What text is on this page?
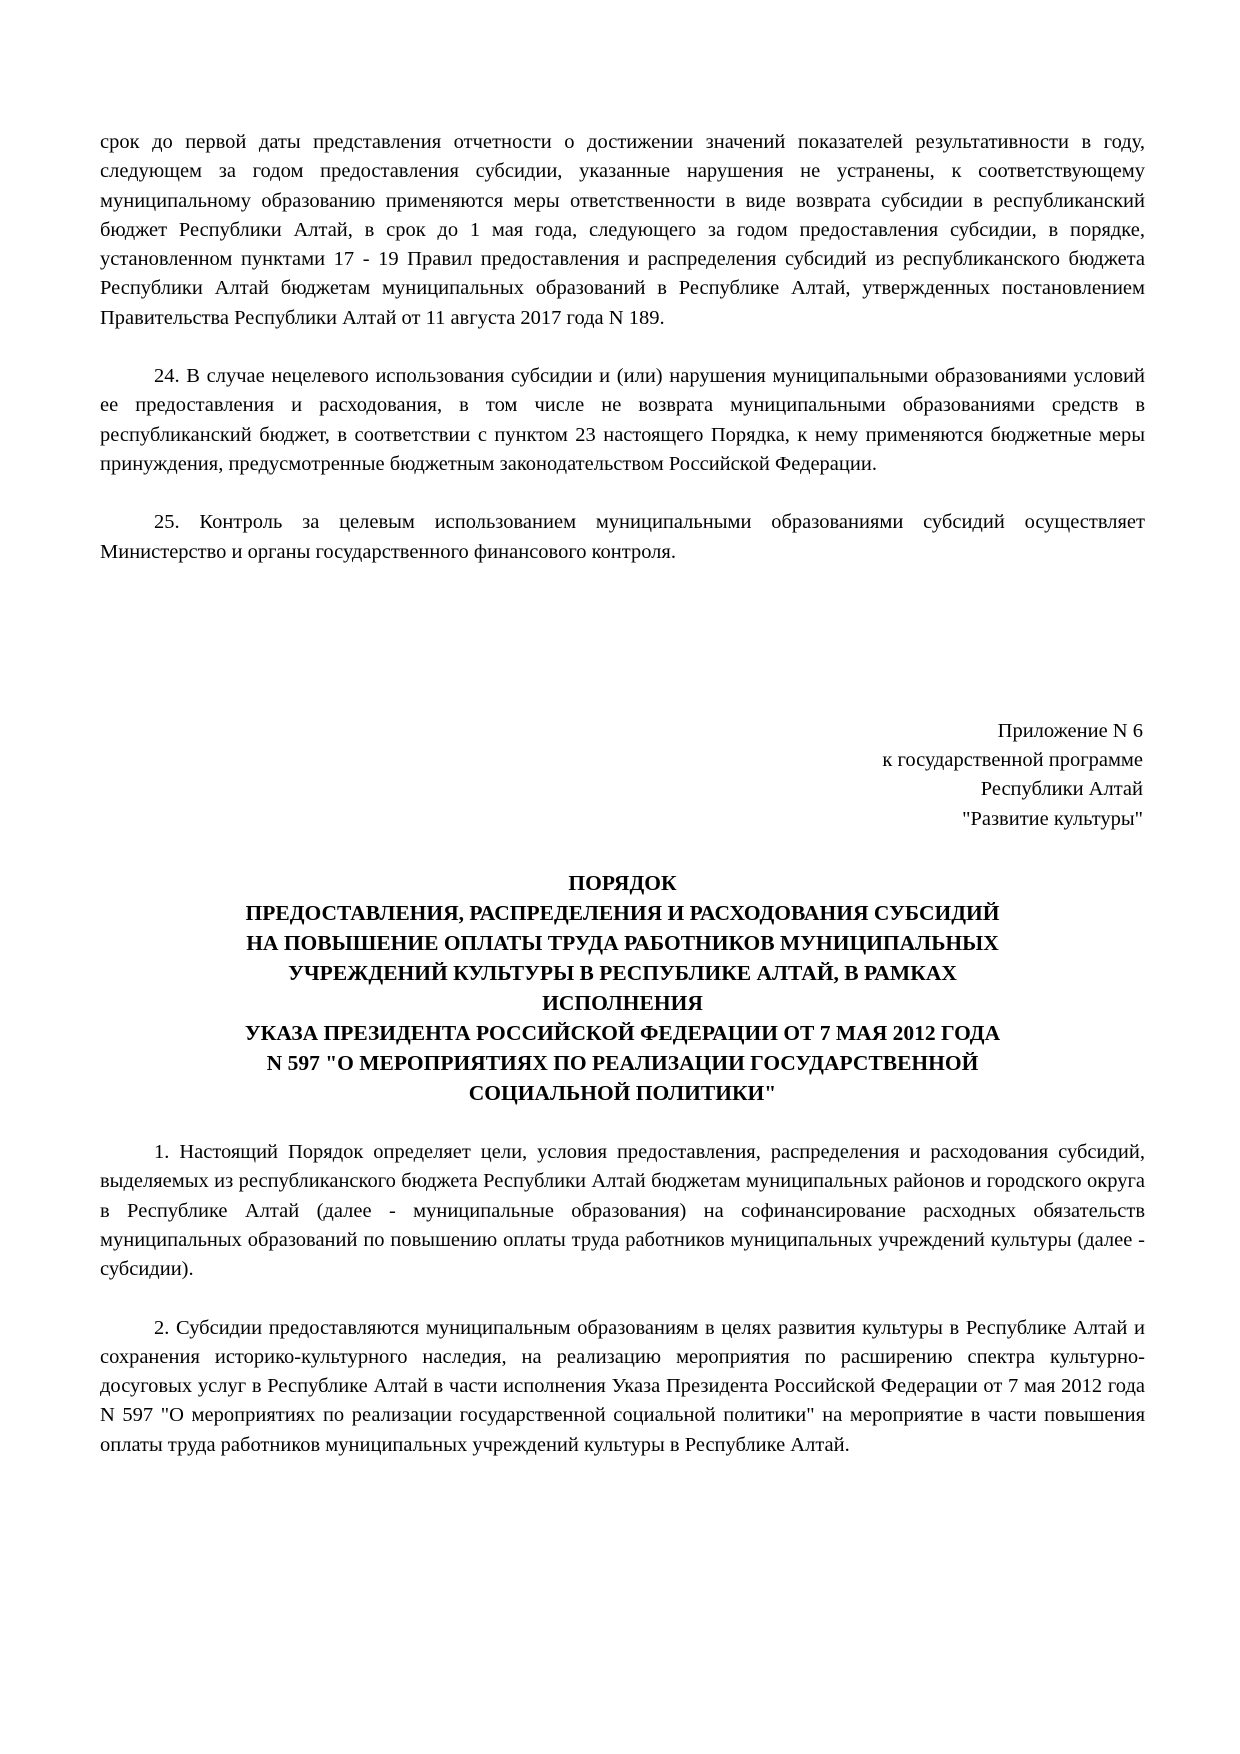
срок до первой даты представления отчетности о достижении значений показателей результативности в году, следующем за годом предоставления субсидии, указанные нарушения не устранены, к соответствующему муниципальному образованию применяются меры ответственности в виде возврата субсидии в республиканский бюджет Республики Алтай, в срок до 1 мая года, следующего за годом предоставления субсидии, в порядке, установленном пунктами 17 - 19 Правил предоставления и распределения субсидий из республиканского бюджета Республики Алтай бюджетам муниципальных образований в Республике Алтай, утвержденных постановлением Правительства Республики Алтай от 11 августа 2017 года N 189.

24. В случае нецелевого использования субсидии и (или) нарушения муниципальными образованиями условий ее предоставления и расходования, в том числе не возврата муниципальными образованиями средств в республиканский бюджет, в соответствии с пунктом 23 настоящего Порядка, к нему применяются бюджетные меры принуждения, предусмотренные бюджетным законодательством Российской Федерации.

25. Контроль за целевым использованием муниципальными образованиями субсидий осуществляет Министерство и органы государственного финансового контроля.

Приложение N 6
к государственной программе
Республики Алтай
"Развитие культуры"
ПОРЯДОК
ПРЕДОСТАВЛЕНИЯ, РАСПРЕДЕЛЕНИЯ И РАСХОДОВАНИЯ СУБСИДИЙ
НА ПОВЫШЕНИЕ ОПЛАТЫ ТРУДА РАБОТНИКОВ МУНИЦИПАЛЬНЫХ
УЧРЕЖДЕНИЙ КУЛЬТУРЫ В РЕСПУБЛИКЕ АЛТАЙ, В РАМКАХ
ИСПОЛНЕНИЯ
УКАЗА ПРЕЗИДЕНТА РОССИЙСКОЙ ФЕДЕРАЦИИ ОТ 7 МАЯ 2012 ГОДА
N 597 "О МЕРОПРИЯТИЯХ ПО РЕАЛИЗАЦИИ ГОСУДАРСТВЕННОЙ
СОЦИАЛЬНОЙ ПОЛИТИКИ"

1. Настоящий Порядок определяет цели, условия предоставления, распределения и расходования субсидий, выделяемых из республиканского бюджета Республики Алтай бюджетам муниципальных районов и городского округа в Республике Алтай (далее - муниципальные образования) на софинансирование расходных обязательств муниципальных образований по повышению оплаты труда работников муниципальных учреждений культуры (далее - субсидии).

2. Субсидии предоставляются муниципальным образованиям в целях развития культуры в Республике Алтай и сохранения историко-культурного наследия, на реализацию мероприятия по расширению спектра культурно-досуговых услуг в Республике Алтай в части исполнения Указа Президента Российской Федерации от 7 мая 2012 года N 597 "О мероприятиях по реализации государственной социальной политики" на мероприятие в части повышения оплаты труда работников муниципальных учреждений культуры в Республике Алтай.
